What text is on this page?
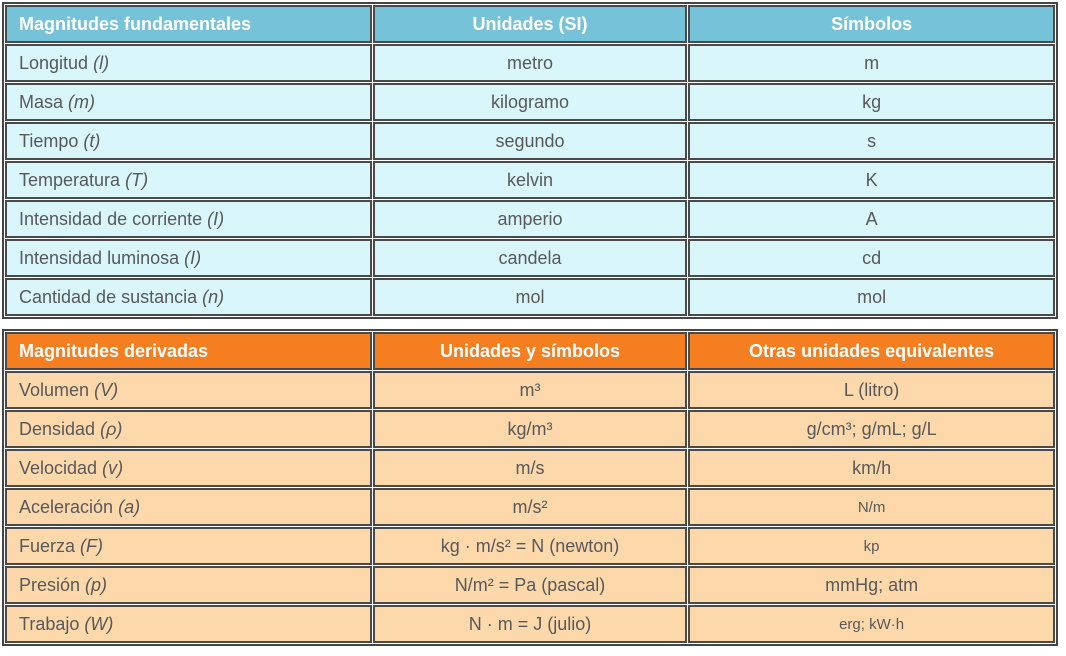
Magnitudes fundamentales	Unidades (SI)	Símbolos
Longitud (l)	metro	m
Masa (m)	kilogramo	kg
Tiempo (t)	segundo	s
Temperatura (T)	kelvin	K
Intensidad de corriente (I)	amperio	A
Intensidad luminosa (I)	candela	cd
Cantidad de sustancia (n)	mol	mol
Magnitudes derivadas	Unidades y símbolos	Otras unidades equivalentes
Volumen (V)	m³	L (litro)
Densidad (ρ)	kg/m³	g/cm³; g/mL; g/L
Velocidad (v)	m/s	km/h
Aceleración (a)	m/s²	N/m
Fuerza (F)	kg · m/s² = N (newton)	kp
Presión (p)	N/m² = Pa (pascal)	mmHg; atm
Trabajo (W)	N · m = J (julio)	erg; kW·h
